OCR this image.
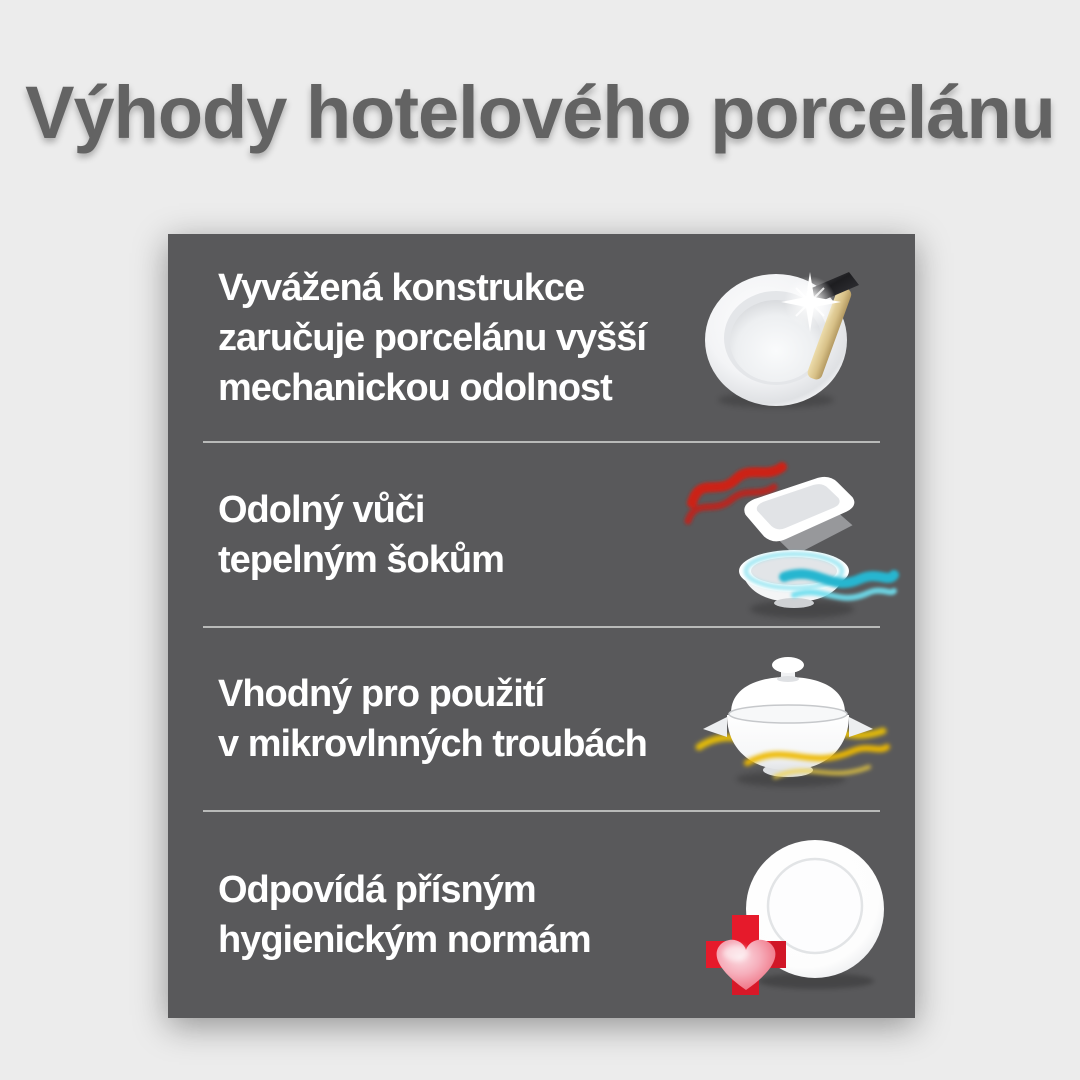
Výhody hotelového porcelánu
Vyvážená konstrukce
zaručuje porcelánu vyšší
mechanickou odolnost
Odolný vůči
tepelným šokům
Vhodný pro použití
v mikrovlnných troubách
Odpovídá přísným
hygienickým normám
